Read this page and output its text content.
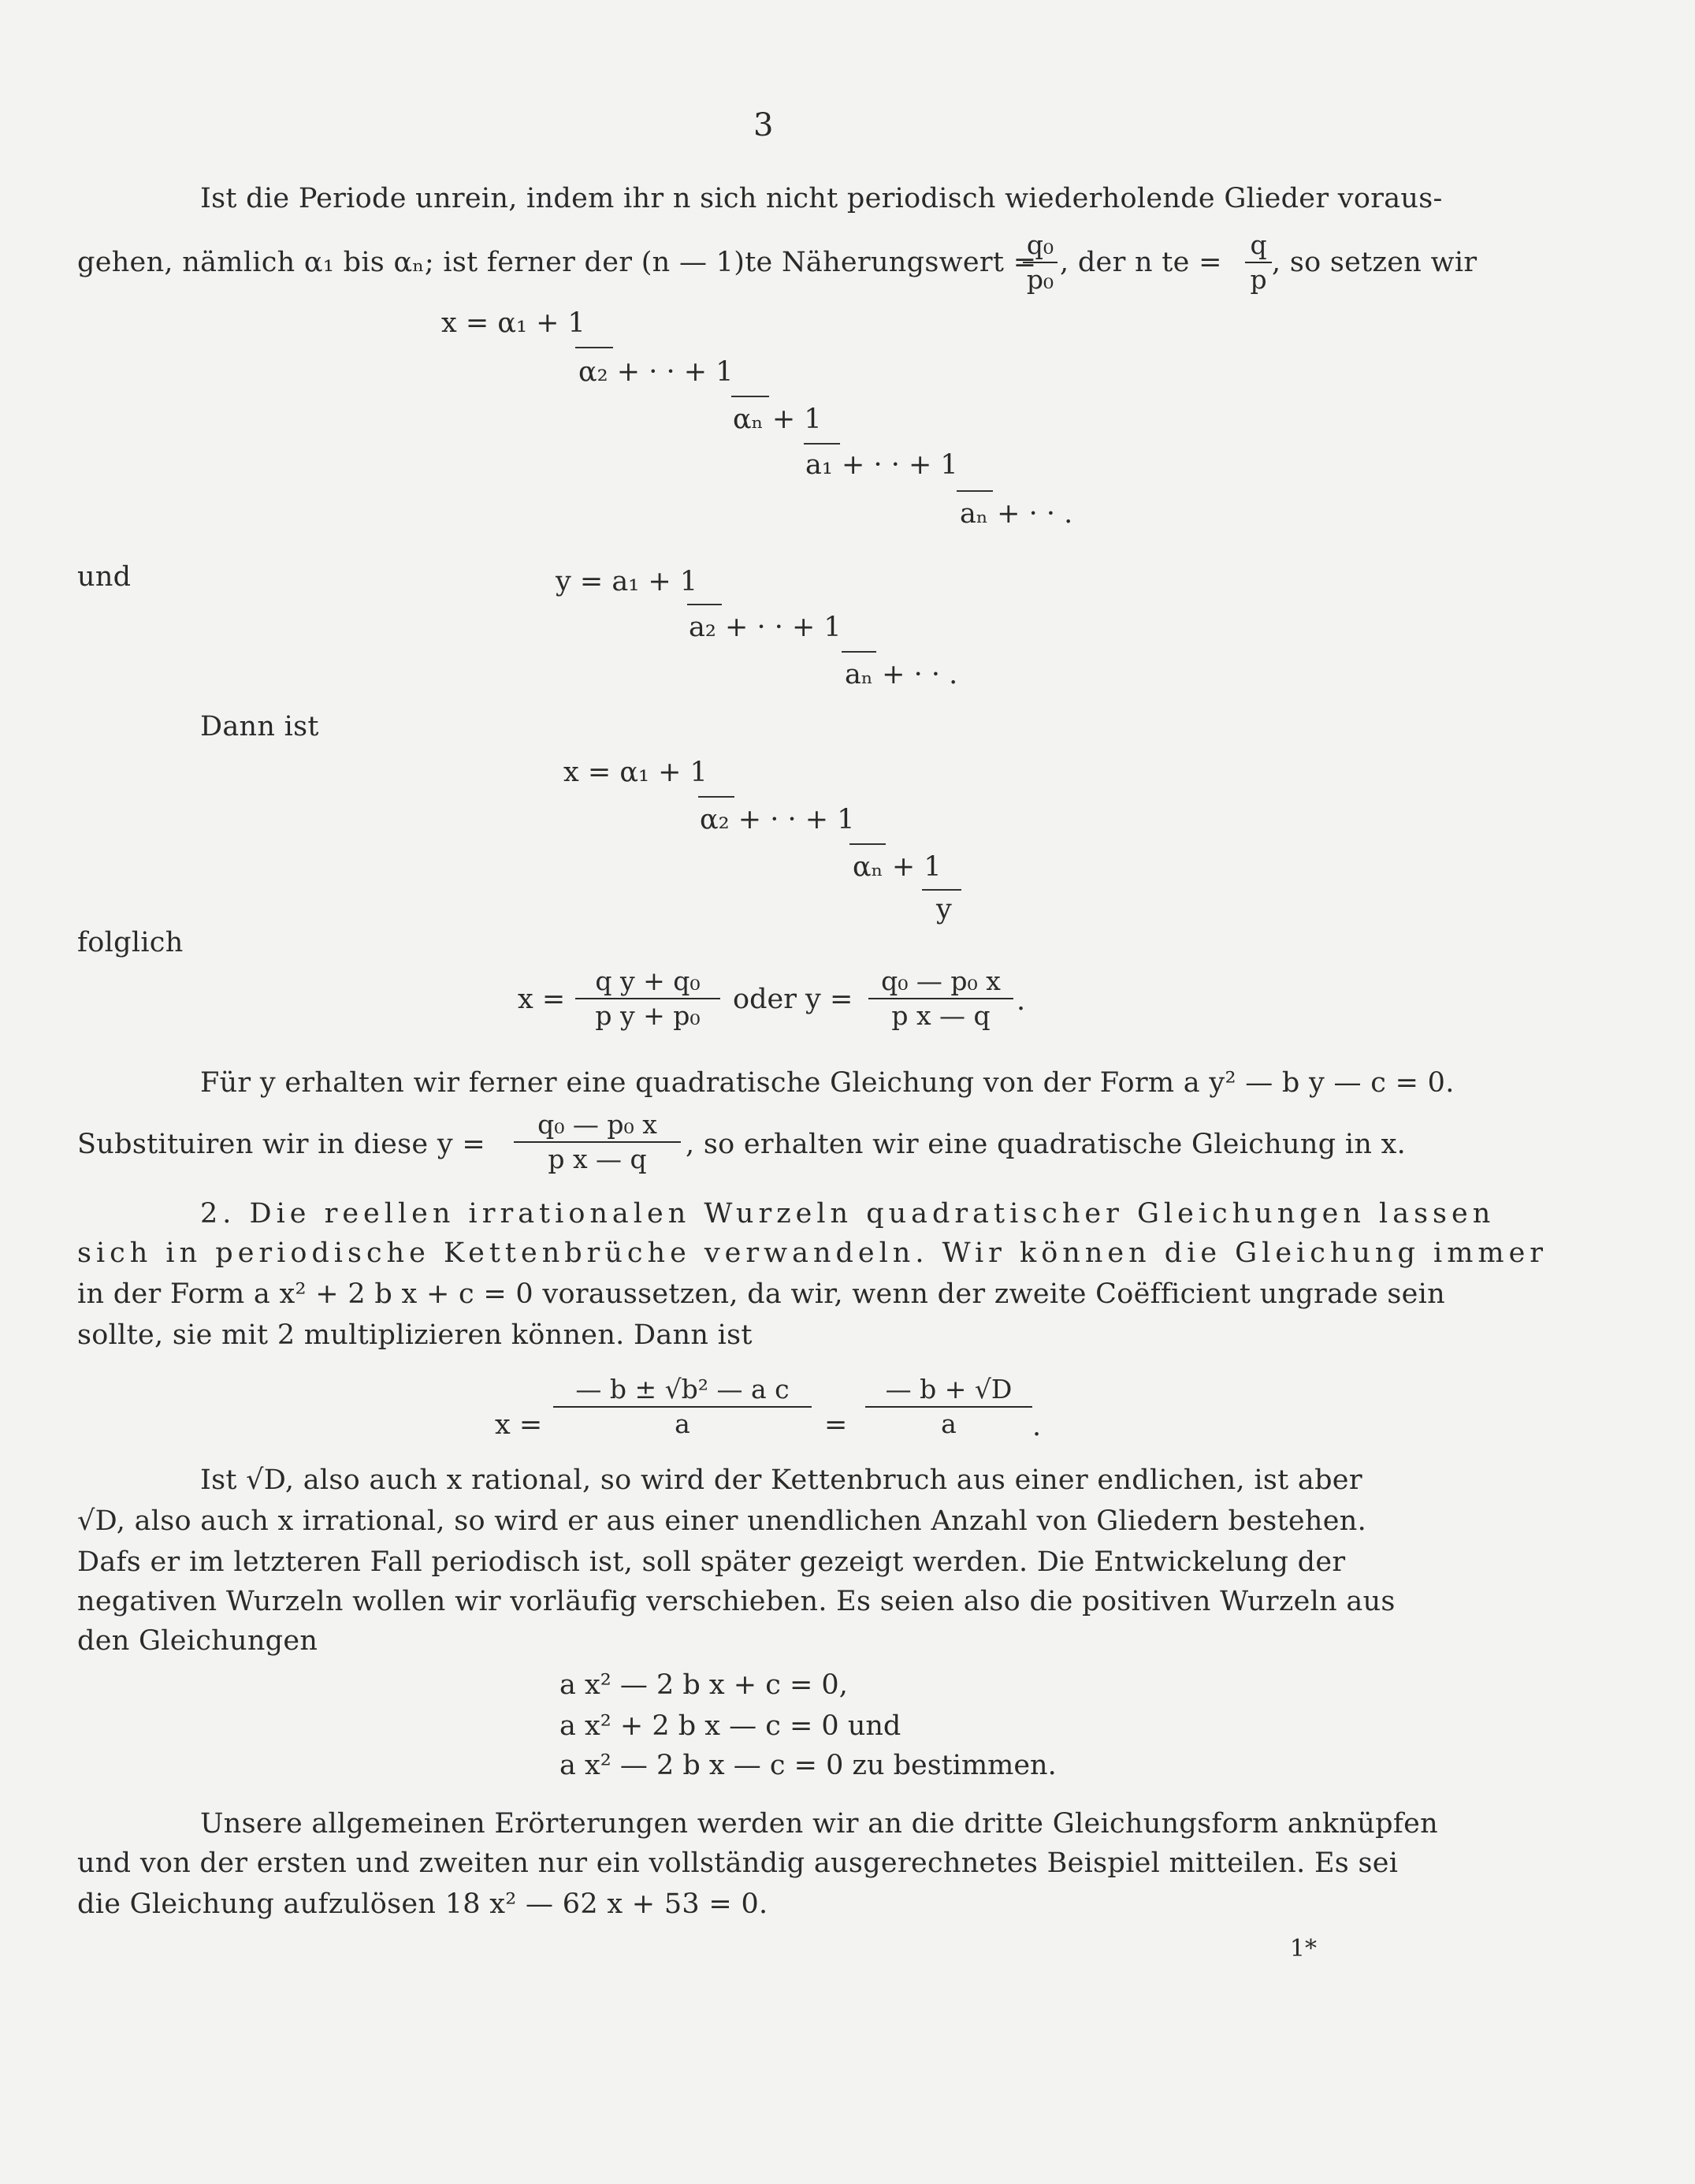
3
Ist die Periode unrein, indem ihr n sich nicht periodisch wiederholende Glieder voraus-
gehen, nämlich α₁ bis αₙ; ist ferner der (n — 1)te Näherungswert =
q₀
p₀
, der n te =
q
p
, so setzen wir
x = α₁ + 1
α₂ + · · + 1
αₙ + 1
a₁ + · · + 1
aₙ + · · .
und	y = a₁ + 1
a₂ + · · + 1
aₙ + · · .
Dann ist
x = α₁ + 1
α₂ + · · + 1
αₙ + 1
y
folglich
x =
q y + q₀
p y + p₀
oder y =
q₀ — p₀ x
p x — q .
Für y erhalten wir ferner eine quadratische Gleichung von der Form a y² — b y — c = 0.
Substituiren wir in diese y =
q₀ — p₀ x
p x — q	, so erhalten wir eine quadratische Gleichung in x.
2. Die reellen irrationalen Wurzeln quadratischer Gleichungen lassen
sich in periodische Kettenbrüche verwandeln. Wir können die Gleichung immer
in der Form a x² + 2 b x + c = 0 voraussetzen, da wir, wenn der zweite Coëfficient ungrade sein
sollte, sie mit 2 multiplizieren können. Dann ist
x =
— b ± √b² — a c
a	=
— b + √D
a	.
Ist √D, also auch x rational, so wird der Kettenbruch aus einer endlichen, ist aber
√D, also auch x irrational, so wird er aus einer unendlichen Anzahl von Gliedern bestehen.
Dafs er im letzteren Fall periodisch ist, soll später gezeigt werden. Die Entwickelung der
negativen Wurzeln wollen wir vorläufig verschieben. Es seien also die positiven Wurzeln aus
den Gleichungen
a x² — 2 b x + c = 0,
a x² + 2 b x — c = 0 und
a x² — 2 b x — c = 0 zu bestimmen.
Unsere allgemeinen Erörterungen werden wir an die dritte Gleichungsform anknüpfen
und von der ersten und zweiten nur ein vollständig ausgerechnetes Beispiel mitteilen. Es sei
die Gleichung aufzulösen 18 x² — 62 x + 53 = 0.
1*
